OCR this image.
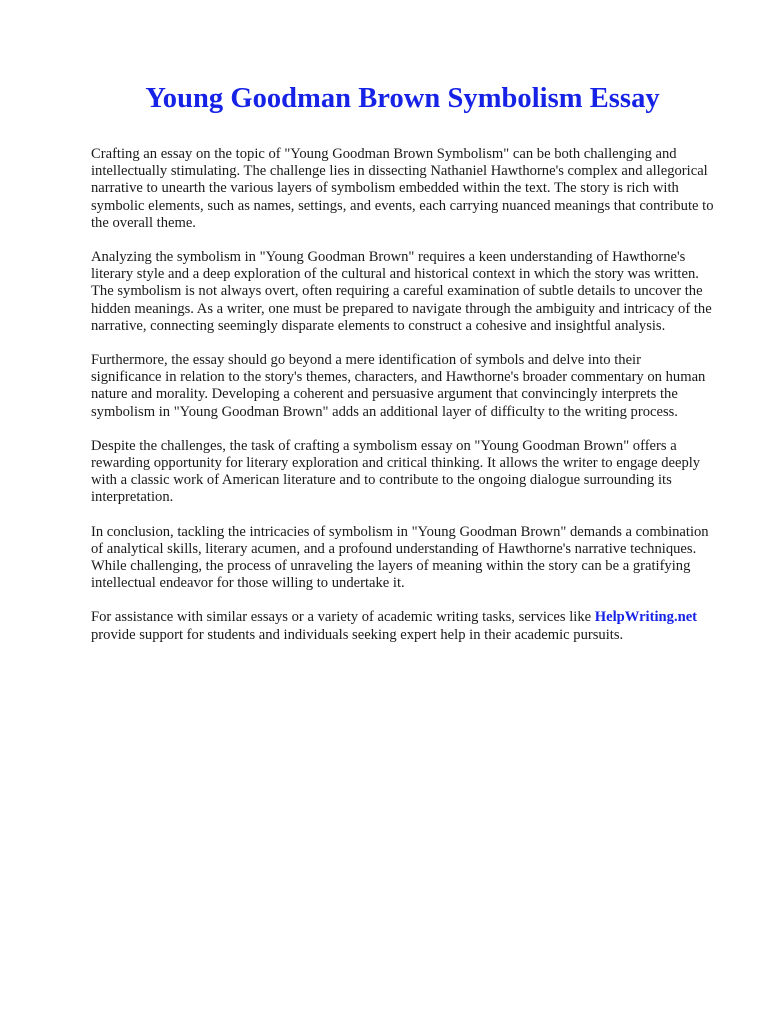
Young Goodman Brown Symbolism Essay

Crafting an essay on the topic of "Young Goodman Brown Symbolism" can be both challenging and intellectually stimulating. The challenge lies in dissecting Nathaniel Hawthorne's complex and allegorical narrative to unearth the various layers of symbolism embedded within the text. The story is rich with symbolic elements, such as names, settings, and events, each carrying nuanced meanings that contribute to the overall theme.

Analyzing the symbolism in "Young Goodman Brown" requires a keen understanding of Hawthorne's literary style and a deep exploration of the cultural and historical context in which the story was written. The symbolism is not always overt, often requiring a careful examination of subtle details to uncover the hidden meanings. As a writer, one must be prepared to navigate through the ambiguity and intricacy of the narrative, connecting seemingly disparate elements to construct a cohesive and insightful analysis.

Furthermore, the essay should go beyond a mere identification of symbols and delve into their significance in relation to the story's themes, characters, and Hawthorne's broader commentary on human nature and morality. Developing a coherent and persuasive argument that convincingly interprets the symbolism in "Young Goodman Brown" adds an additional layer of difficulty to the writing process.

Despite the challenges, the task of crafting a symbolism essay on "Young Goodman Brown" offers a rewarding opportunity for literary exploration and critical thinking. It allows the writer to engage deeply with a classic work of American literature and to contribute to the ongoing dialogue surrounding its interpretation.

In conclusion, tackling the intricacies of symbolism in "Young Goodman Brown" demands a combination of analytical skills, literary acumen, and a profound understanding of Hawthorne's narrative techniques. While challenging, the process of unraveling the layers of meaning within the story can be a gratifying intellectual endeavor for those willing to undertake it.

For assistance with similar essays or a variety of academic writing tasks, services like HelpWriting.net provide support for students and individuals seeking expert help in their academic pursuits.
